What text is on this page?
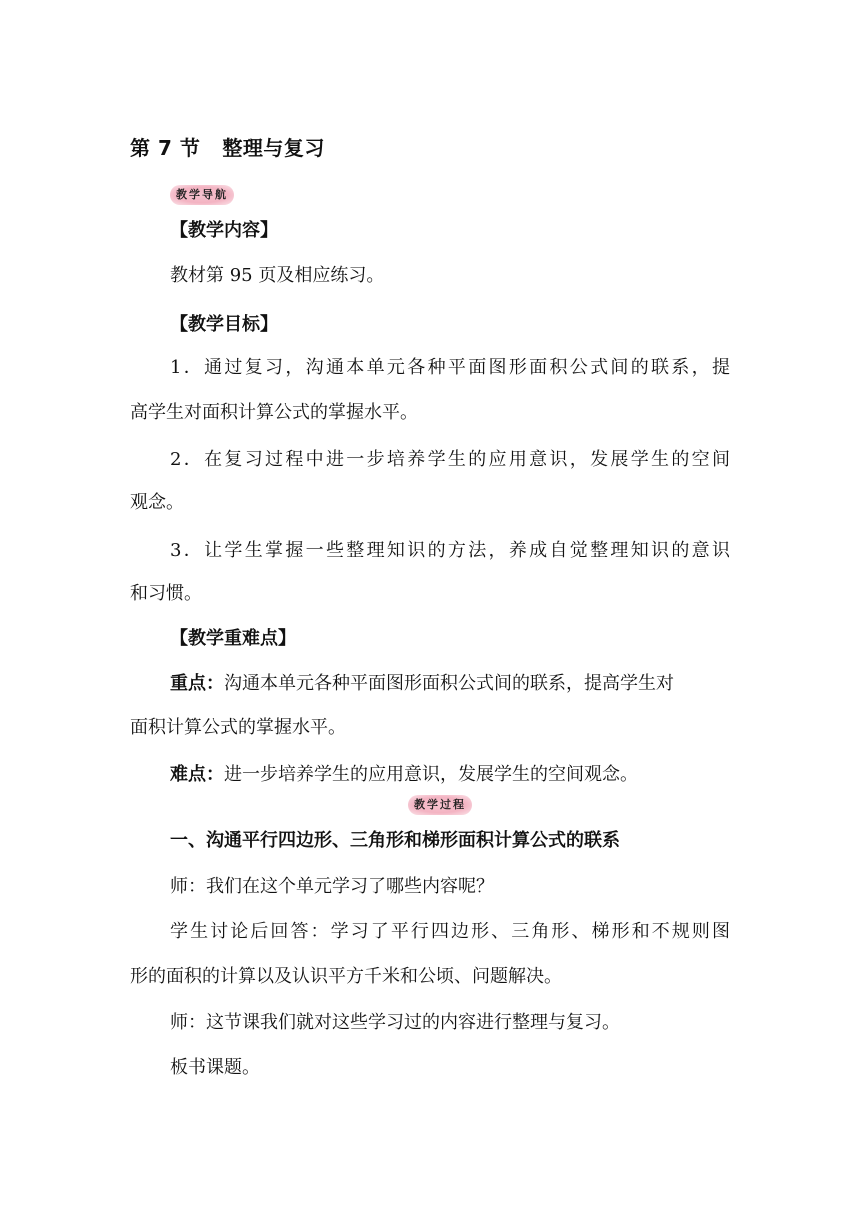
第 7 节 整理与复习
教学导航
【教学内容】
教材第 95 页及相应练习。
【教学目标】
1．通过复习，沟通本单元各种平面图形面积公式间的联系，提
高学生对面积计算公式的掌握水平。
2．在复习过程中进一步培养学生的应用意识，发展学生的空间
观念。
3．让学生掌握一些整理知识的方法，养成自觉整理知识的意识
和习惯。
【教学重难点】
重点：沟通本单元各种平面图形面积公式间的联系，提高学生对
面积计算公式的掌握水平。
难点：进一步培养学生的应用意识，发展学生的空间观念。
教学过程
一、沟通平行四边形、三角形和梯形面积计算公式的联系
师：我们在这个单元学习了哪些内容呢？
学生讨论后回答：学习了平行四边形、三角形、梯形和不规则图
形的面积的计算以及认识平方千米和公顷、问题解决。
师：这节课我们就对这些学习过的内容进行整理与复习。
板书课题。
